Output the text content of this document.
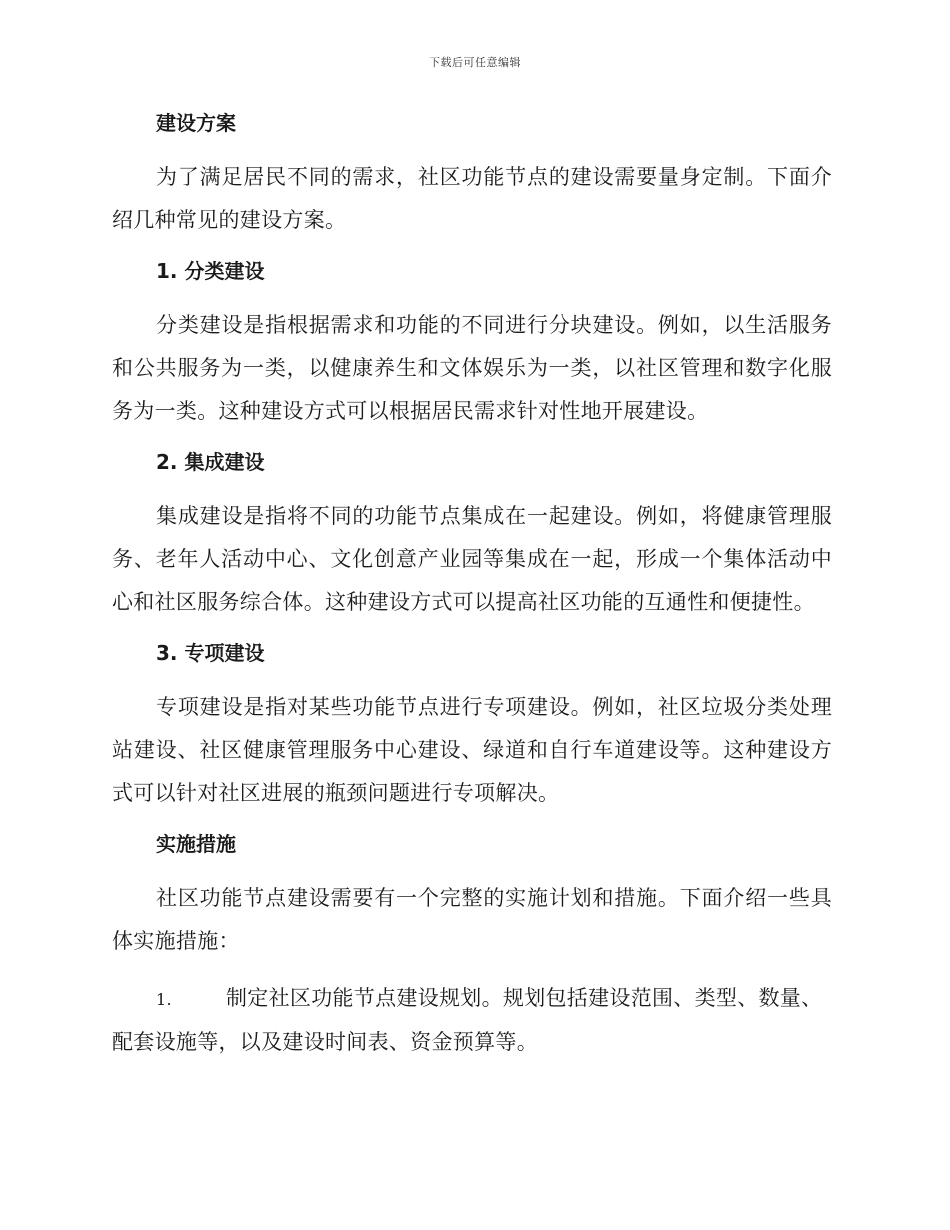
下载后可任意编辑
建设方案

为了满足居民不同的需求，社区功能节点的建设需要量身定制。下面介绍几种常见的建设方案。

1. 分类建设

分类建设是指根据需求和功能的不同进行分块建设。例如，以生活服务和公共服务为一类，以健康养生和文体娱乐为一类，以社区管理和数字化服务为一类。这种建设方式可以根据居民需求针对性地开展建设。

2. 集成建设

集成建设是指将不同的功能节点集成在一起建设。例如，将健康管理服务、老年人活动中心、文化创意产业园等集成在一起，形成一个集体活动中心和社区服务综合体。这种建设方式可以提高社区功能的互通性和便捷性。

3. 专项建设

专项建设是指对某些功能节点进行专项建设。例如，社区垃圾分类处理站建设、社区健康管理服务中心建设、绿道和自行车道建设等。这种建设方式可以针对社区进展的瓶颈问题进行专项解决。

实施措施

社区功能节点建设需要有一个完整的实施计划和措施。下面介绍一些具体实施措施：

1.	制定社区功能节点建设规划。规划包括建设范围、类型、数量、配套设施等，以及建设时间表、资金预算等。
